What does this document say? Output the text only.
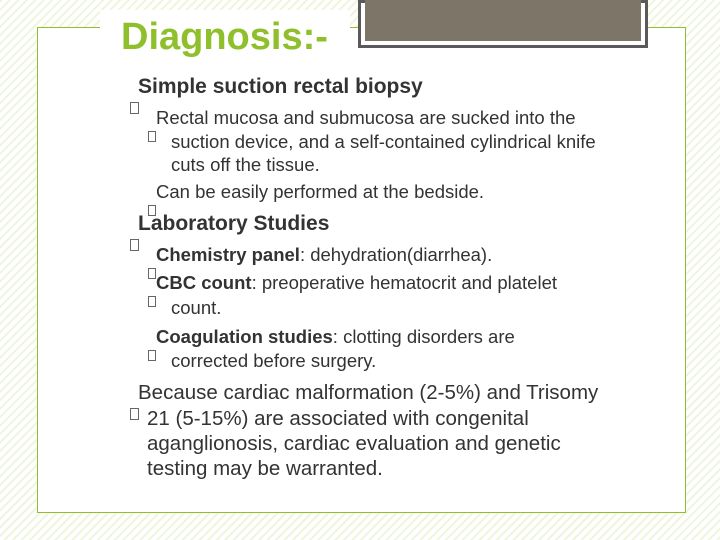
Diagnosis:-
Simple suction rectal biopsy
Rectal mucosa and submucosa are sucked into the
suction device, and a self-contained cylindrical knife
cuts off the tissue.
Can be easily performed at the bedside.
Laboratory Studies
Chemistry panel: dehydration(diarrhea).
CBC count: preoperative hematocrit and platelet
count.
Coagulation studies: clotting disorders are
corrected before surgery.
Because cardiac malformation (2-5%) and Trisomy
21 (5-15%) are associated with congenital
aganglionosis, cardiac evaluation and genetic
testing may be warranted.
